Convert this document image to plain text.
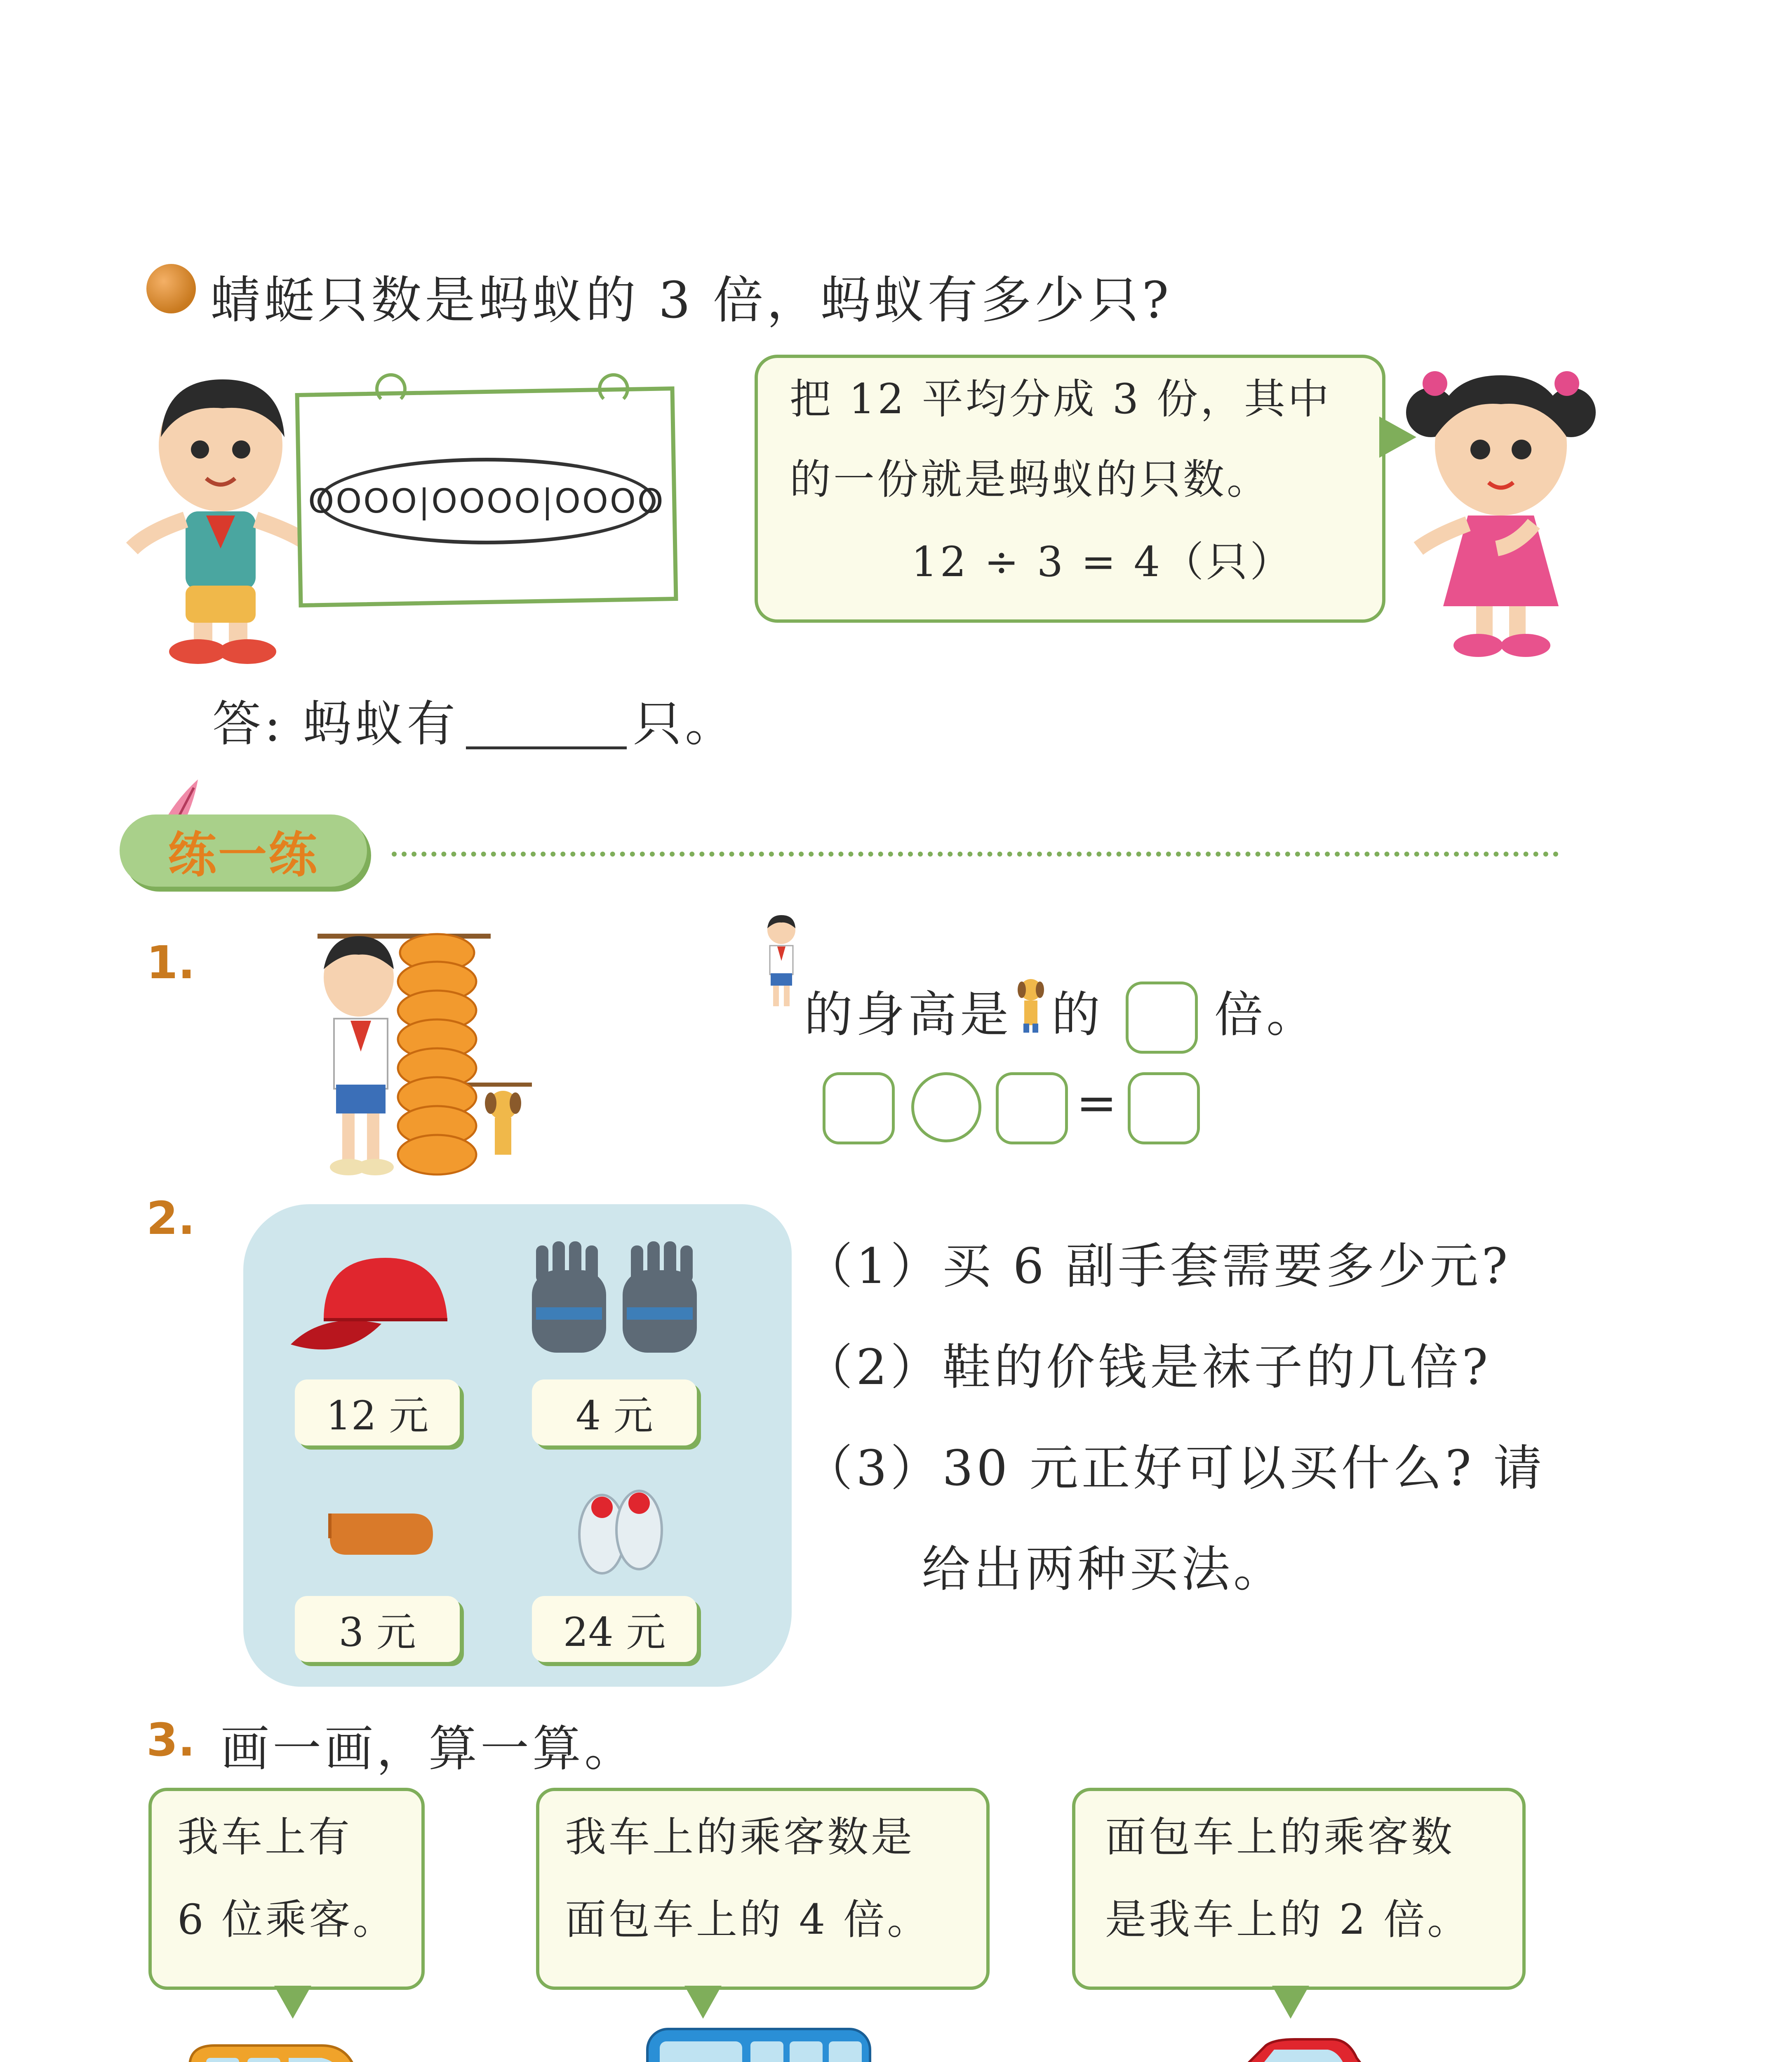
蜻蜓只数是蚂蚁的 3 倍，蚂蚁有多少只?
OOOO|OOOO|OOOO
把 12 平均分成 3 份，其中
的一份就是蚂蚁的只数。
12 ÷ 3 = 4（只）
答: 蚂蚁有	只。
练一练
1.
的身高是 的 倍。
=
2.
12 元	4 元
3 元	24 元
（1）买 6 副手套需要多少元?
（2）鞋的价钱是袜子的几倍?
（3）30 元正好可以买什么? 请
给出两种买法。
3. 画一画，算一算。
我车上有
6 位乘客。
我车上的乘客数是
面包车上的 4 倍。
面包车上的乘客数
是我车上的 2 倍。
